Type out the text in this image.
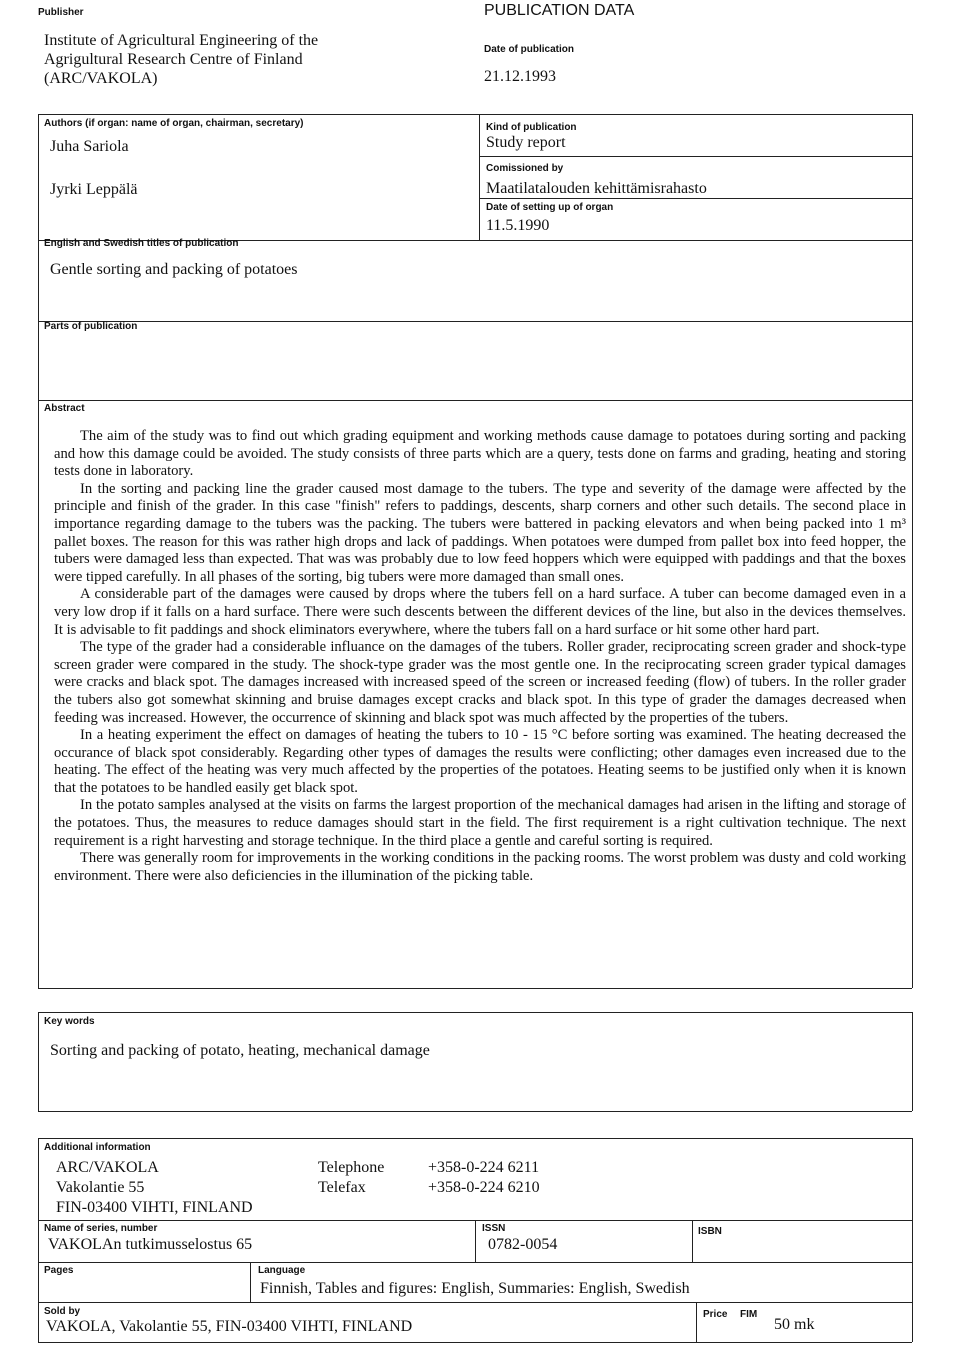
Publisher
Institute of Agricultural Engineering of the
Agrigultural Research Centre of Finland
(ARC/VAKOLA)
PUBLICATION DATA
Date of publication
21.12.1993
Authors (if organ: name of organ, chairman, secretary)
Juha Sariola
Jyrki Leppälä
Kind of publication
Study report
Comissioned by
Maatilatalouden kehittämisrahasto
Date of setting up of organ
11.5.1990
English and Swedish titles of publication
Gentle sorting and packing of potatoes
Parts of publication
Abstract

The aim of the study was to find out which grading equipment and working methods cause damage to potatoes during sorting and packing and how this damage could be avoided. The study consists of three parts which are a query, tests done on farms and grading, heating and storing tests done in laboratory.

In the sorting and packing line the grader caused most damage to the tubers. The type and severity of the damage were affected by the principle and finish of the grader. In this case "finish" refers to paddings, descents, sharp corners and other such details. The second place in importance regarding damage to the tubers was the packing. The tubers were battered in packing elevators and when being packed into 1 m³ pallet boxes. The reason for this was rather high drops and lack of paddings. When potatoes were dumped from pallet box into feed hopper, the tubers were damaged less than expected. That was was probably due to low feed hoppers which were equipped with paddings and that the boxes were tipped carefully. In all phases of the sorting, big tubers were more damaged than small ones.

A considerable part of the damages were caused by drops where the tubers fell on a hard surface. A tuber can become damaged even in a very low drop if it falls on a hard surface. There were such descents between the different devices of the line, but also in the devices themselves. It is advisable to fit paddings and shock eliminators everywhere, where the tubers fall on a hard surface or hit some other hard part.

The type of the grader had a considerable influance on the damages of the tubers. Roller grader, reciprocating screen grader and shock-type screen grader were compared in the study. The shock-type grader was the most gentle one. In the reciprocating screen grader typical damages were cracks and black spot. The damages increased with increased speed of the screen or increased feeding (flow) of tubers. In the roller grader the tubers also got somewhat skinning and bruise damages except cracks and black spot. In this type of grader the damages decreased when feeding was increased. However, the occurrence of skinning and black spot was much affected by the properties of the tubers.

In a heating experiment the effect on damages of heating the tubers to 10 - 15 °C before sorting was examined. The heating decreased the occurance of black spot considerably. Regarding other types of damages the results were conflicting; other damages even increased due to the heating. The effect of the heating was very much affected by the properties of the potatoes. Heating seems to be justified only when it is known that the potatoes to be handled easily get black spot.

In the potato samples analysed at the visits on farms the largest proportion of the mechanical damages had arisen in the lifting and storage of the potatoes. Thus, the measures to reduce damages should start in the field. The first requirement is a right cultivation technique. The next requirement is a right harvesting and storage technique. In the third place a gentle and careful sorting is required.

There was generally room for improvements in the working conditions in the packing rooms. The worst problem was dusty and cold working environment. There were also deficiencies in the illumination of the picking table.

Key words
Sorting and packing of potato, heating, mechanical damage
Additional information
ARC/VAKOLA
Vakolantie 55
FIN-03400 VIHTI, FINLAND
Telephone
Telefax
+358-0-224 6211
+358-0-224 6210
Name of series, number
VAKOLAn tutkimusselostus 65
ISSN
0782-0054
ISBN
Pages	Language
Finnish, Tables and figures: English, Summaries: English, Swedish
Sold by
VAKOLA, Vakolantie 55, FIN-03400 VIHTI, FINLAND
Price FIM
50 mk
